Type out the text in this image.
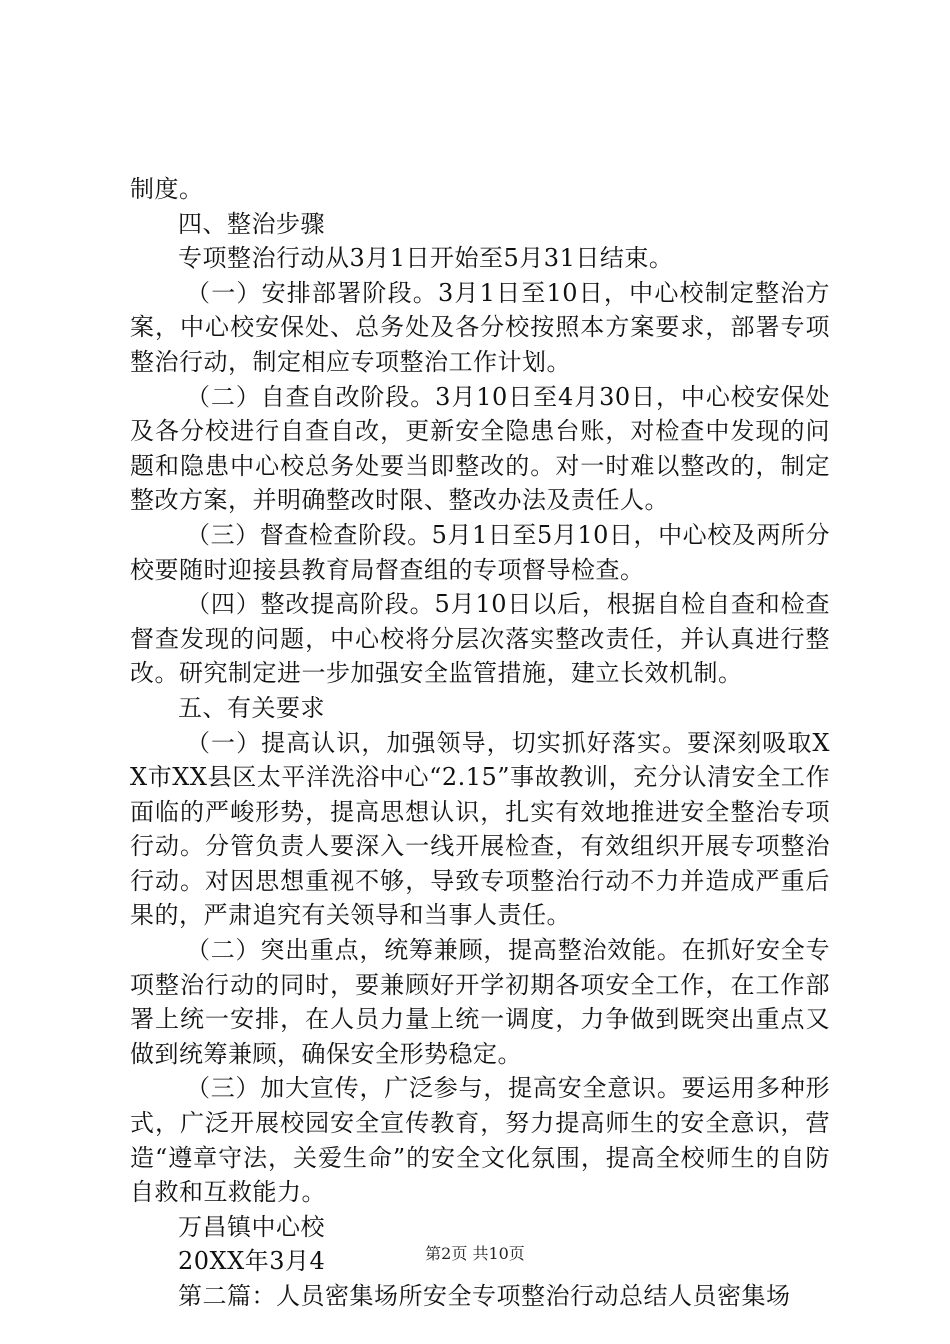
制度。

四、整治步骤

专项整治行动从3月1日开始至5月31日结束。

（一）安排部署阶段。3月1日至10日，中心校制定整治方案，中心校安保处、总务处及各分校按照本方案要求，部署专项整治行动，制定相应专项整治工作计划。

（二）自查自改阶段。3月10日至4月30日，中心校安保处及各分校进行自查自改，更新安全隐患台账，对检查中发现的问题和隐患中心校总务处要当即整改的。对一时难以整改的，制定整改方案，并明确整改时限、整改办法及责任人。

（三）督查检查阶段。5月1日至5月10日，中心校及两所分校要随时迎接县教育局督查组的专项督导检查。

（四）整改提高阶段。5月10日以后，根据自检自查和检查督查发现的问题，中心校将分层次落实整改责任，并认真进行整改。研究制定进一步加强安全监管措施，建立长效机制。

五、有关要求

（一）提高认识，加强领导，切实抓好落实。要深刻吸取XX市XX县区太平洋洗浴中心“2.15”事故教训，充分认清安全工作面临的严峻形势，提高思想认识，扎实有效地推进安全整治专项行动。分管负责人要深入一线开展检查，有效组织开展专项整治行动。对因思想重视不够，导致专项整治行动不力并造成严重后果的，严肃追究有关领导和当事人责任。

（二）突出重点，统筹兼顾，提高整治效能。在抓好安全专项整治行动的同时，要兼顾好开学初期各项安全工作，在工作部署上统一安排，在人员力量上统一调度，力争做到既突出重点又做到统筹兼顾，确保安全形势稳定。

（三）加大宣传，广泛参与，提高安全意识。要运用多种形式，广泛开展校园安全宣传教育，努力提高师生的安全意识，营造“遵章守法，关爱生命”的安全文化氛围，提高全校师生的自防自救和互救能力。

万昌镇中心校

20XX年3月4

第二篇：人员密集场所安全专项整治行动总结人员密集场

第2页 共10页
